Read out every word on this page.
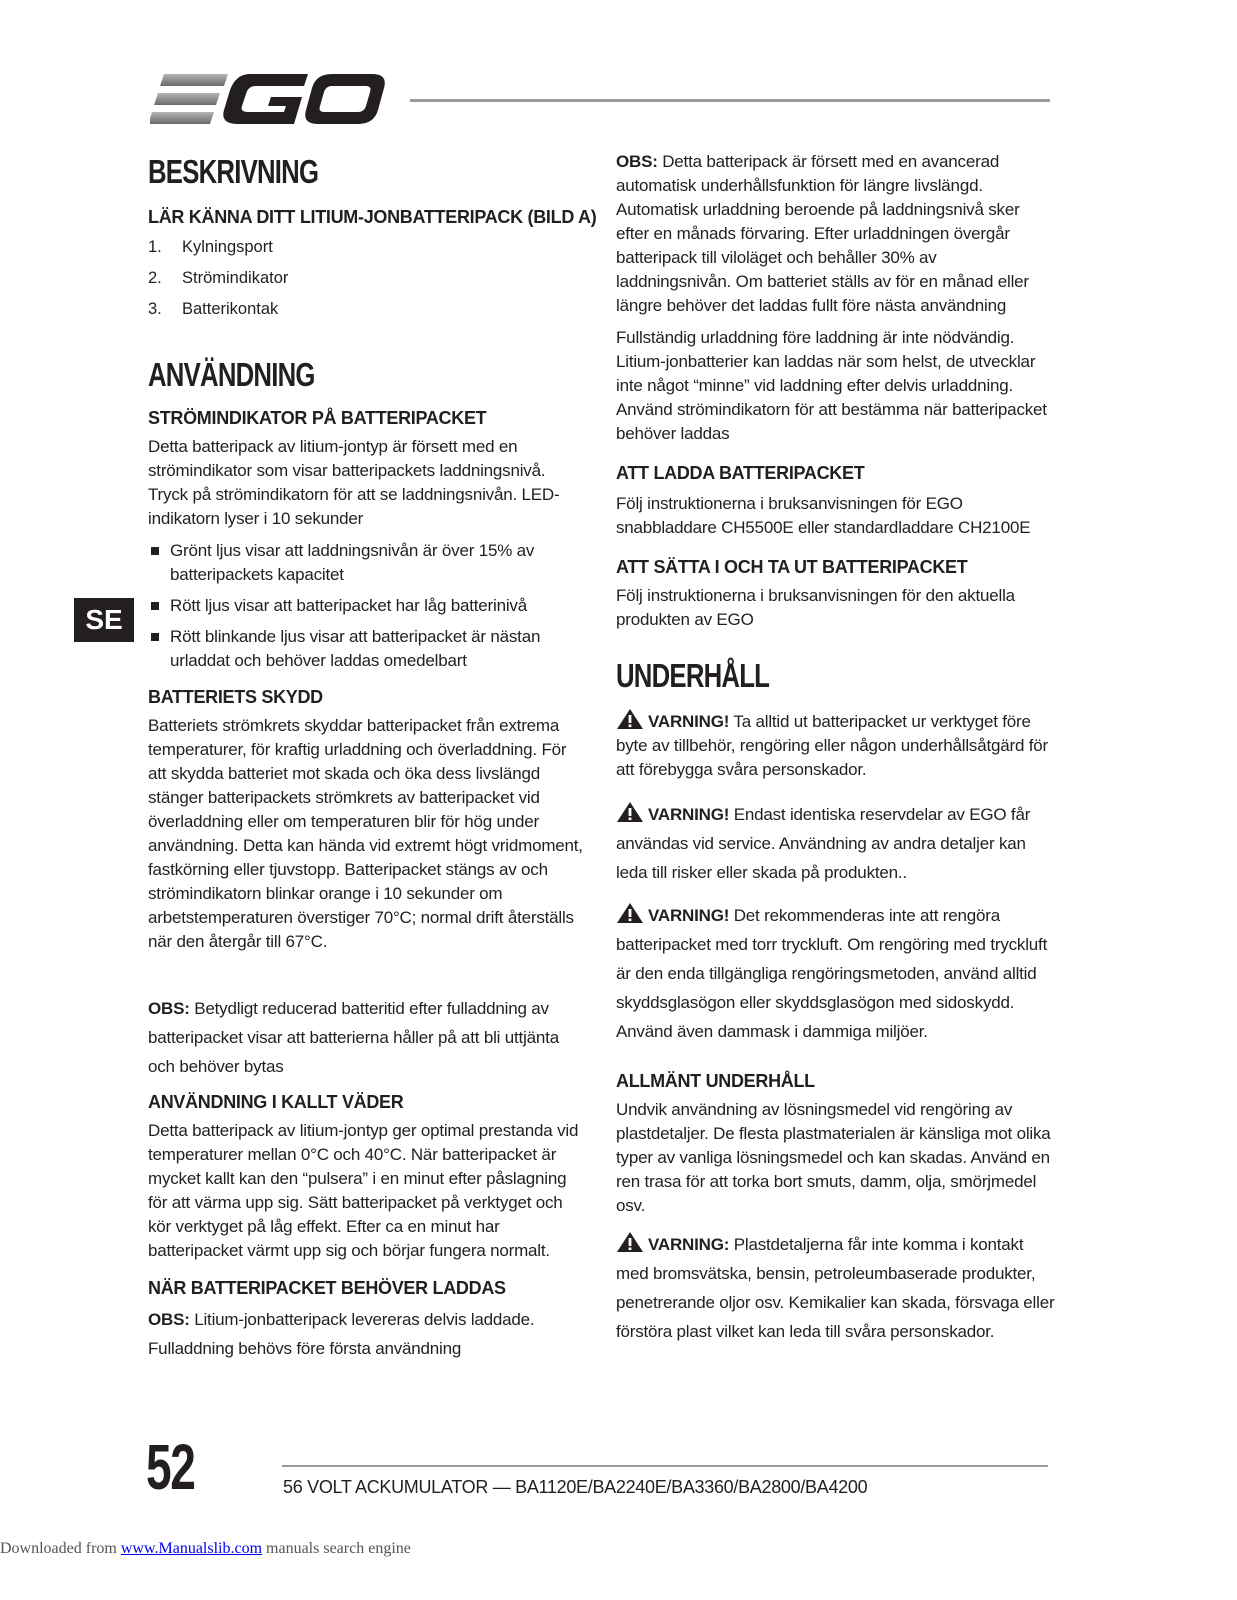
SE
BESKRIVNING
LÄR KÄNNA DITT LITIUM-JONBATTERIPACK (BILD A)
1.	Kylningsport
2.	Strömindikator
3.	Batterikontak
ANVÄNDNING
STRÖMINDIKATOR PÅ BATTERIPACKET

Detta batteripack av litium-jontyp är försett med en strömindikator som visar batteripackets laddningsnivå. Tryck på strömindikatorn för att se laddningsnivån. LED-indikatorn lyser i 10 sekunder

Grönt ljus visar att laddningsnivån är över 15% av batteripackets kapacitet
Rött ljus visar att batteripacket har låg batterinivå
Rött blinkande ljus visar att batteripacket är nästan urladdat och behöver laddas omedelbart
BATTERIETS SKYDD

Batteriets strömkrets skyddar batteripacket från extrema temperaturer, för kraftig urladdning och överladdning. För att skydda batteriet mot skada och öka dess livslängd stänger batteripackets strömkrets av batteripacket vid överladdning eller om temperaturen blir för hög under användning. Detta kan hända vid extremt högt vridmoment, fastkörning eller tjuvstopp. Batteripacket stängs av och strömindikatorn blinkar orange i 10 sekunder om arbetstemperaturen överstiger 70°C; normal drift återställs när den återgår till 67°C.

OBS: Betydligt reducerad batteritid efter fulladdning av batteripacket visar att batterierna håller på att bli uttjänta och behöver bytas

ANVÄNDNING I KALLT VÄDER

Detta batteripack av litium-jontyp ger optimal prestanda vid temperaturer mellan 0°C och 40°C. När batteripacket är mycket kallt kan den “pulsera” i en minut efter påslagning för att värma upp sig. Sätt batteripacket på verktyget och kör verktyget på låg effekt. Efter ca en minut har batteripacket värmt upp sig och börjar fungera normalt.

NÄR BATTERIPACKET BEHÖVER LADDAS

OBS: Litium-jonbatteripack levereras delvis laddade. Fulladdning behövs före första användning

OBS: Detta batteripack är försett med en avancerad automatisk underhållsfunktion för längre livslängd. Automatisk urladdning beroende på laddningsnivå sker efter en månads förvaring. Efter urladdningen övergår batteripack till viloläget och behåller 30% av laddningsnivån. Om batteriet ställs av för en månad eller längre behöver det laddas fullt före nästa användning

Fullständig urladdning före laddning är inte nödvändig. Litium-jonbatterier kan laddas när som helst, de utvecklar inte något “minne” vid laddning efter delvis urladdning. Använd strömindikatorn för att bestämma när batteripacket behöver laddas

ATT LADDA BATTERIPACKET

Följ instruktionerna i bruksanvisningen för EGO snabbladdare CH5500E eller standardladdare CH2100E

ATT SÄTTA I OCH TA UT BATTERIPACKET

Följ instruktionerna i bruksanvisningen för den aktuella produkten av EGO

UNDERHÅLL

VARNING! Ta alltid ut batteripacket ur verktyget före byte av tillbehör, rengöring eller någon underhållsåtgärd för att förebygga svåra personskador.

VARNING! Endast identiska reservdelar av EGO får användas vid service. Användning av andra detaljer kan leda till risker eller skada på produkten..

VARNING! Det rekommenderas inte att rengöra batteripacket med torr tryckluft. Om rengöring med tryckluft är den enda tillgängliga rengöringsmetoden, använd alltid skyddsglasögon eller skyddsglasögon med sidoskydd. Använd även dammask i dammiga miljöer.

ALLMÄNT UNDERHÅLL

Undvik användning av lösningsmedel vid rengöring av plastdetaljer. De flesta plastmaterialen är känsliga mot olika typer av vanliga lösningsmedel och kan skadas. Använd en ren trasa för att torka bort smuts, damm, olja, smörjmedel osv.

VARNING: Plastdetaljerna får inte komma i kontakt med bromsvätska, bensin, petroleumbaserade produkter, penetrerande oljor osv. Kemikalier kan skada, försvaga eller förstöra plast vilket kan leda till svåra personskador.

52	56 VOLT ACKUMULATOR — BA1120E/BA2240E/BA3360/BA2800/BA4200
Downloaded from www.Manualslib.com manuals search engine
